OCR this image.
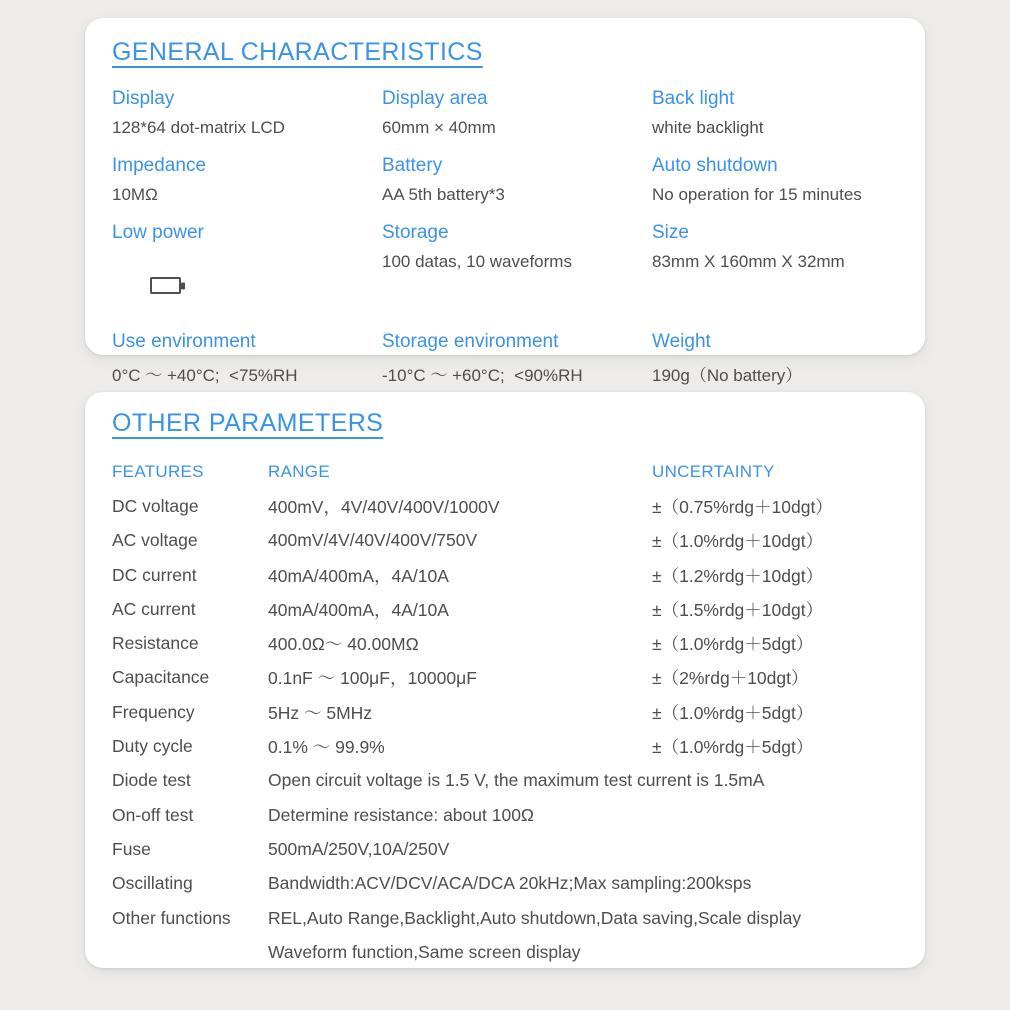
GENERAL CHARACTERISTICS
Display
128*64 dot-matrix LCD
Display area
60mm × 40mm
Back light
white backlight
Impedance
10MΩ
Battery
AA 5th battery*3
Auto shutdown
No operation for 15 minutes
Low power

	Storage
100 datas, 10 waveforms
Size
83mm X 160mm X 32mm
Use environment
0°C ～ +40°C;  <75%RH
Storage environment
-10°C ～ +60°C;  <90%RH
Weight
190g（No battery）
OTHER PARAMETERS
FEATURES	RANGE	UNCERTAINTY
DC voltage	400mV，4V/40V/400V/1000V	±（0.75%rdg＋10dgt）
AC voltage	400mV/4V/40V/400V/750V	±（1.0%rdg＋10dgt）
DC current	40mA/400mA，4A/10A	±（1.2%rdg＋10dgt）
AC current	40mA/400mA，4A/10A	±（1.5%rdg＋10dgt）
Resistance	400.0Ω～ 40.00MΩ	±（1.0%rdg＋5dgt）
Capacitance	0.1nF ～ 100μF，10000μF	±（2%rdg＋10dgt）
Frequency	5Hz ～ 5MHz	±（1.0%rdg＋5dgt）
Duty cycle	0.1% ～ 99.9%	±（1.0%rdg＋5dgt）
Diode test	Open circuit voltage is 1.5 V, the maximum test current is 1.5mA
On-off test	Determine resistance: about 100Ω
Fuse	500mA/250V,10A/250V
Oscillating	Bandwidth:ACV/DCV/ACA/DCA 20kHz;Max sampling:200ksps
Other functions	REL,Auto Range,Backlight,Auto shutdown,Data saving,Scale display
Waveform function,Same screen display
